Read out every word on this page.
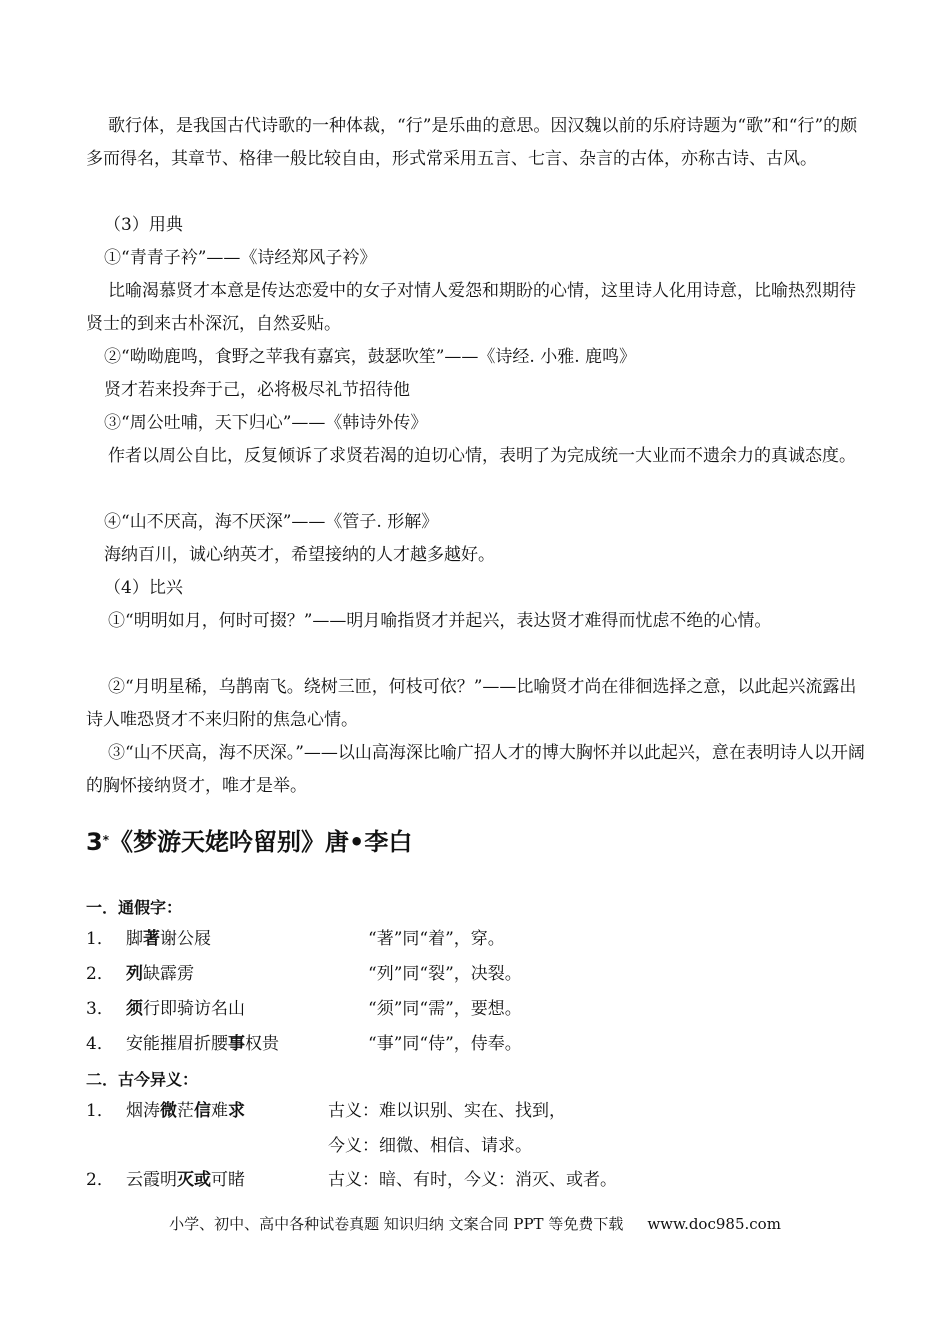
歌行体，是我国古代诗歌的一种体裁，“行”是乐曲的意思。因汉魏以前的乐府诗题为“歌”和“行”的颇多而得名，其章节、格律一般比较自由，形式常采用五言、七言、杂言的古体，亦称古诗、古风。

（3）用典

①“青青子衿”——《诗经郑风子衿》

比喻渴慕贤才本意是传达恋爱中的女子对情人爱怨和期盼的心情，这里诗人化用诗意，比喻热烈期待贤士的到来古朴深沉，自然妥贴。

②“呦呦鹿鸣，食野之苹我有嘉宾，鼓瑟吹笙”——《诗经. 小雅. 鹿鸣》

贤才若来投奔于己，必将极尽礼节招待他

③“周公吐哺，天下归心”——《韩诗外传》

作者以周公自比，反复倾诉了求贤若渴的迫切心情，表明了为完成统一大业而不遗余力的真诚态度。

④“山不厌高，海不厌深”——《管子. 形解》

海纳百川，诚心纳英才，希望接纳的人才越多越好。

（4）比兴

①“明明如月，何时可掇？”——明月喻指贤才并起兴，表达贤才难得而忧虑不绝的心情。

②“月明星稀，乌鹊南飞。绕树三匝，何枝可依？”——比喻贤才尚在徘徊选择之意，以此起兴流露出诗人唯恐贤才不来归附的焦急心情。

③“山不厌高，海不厌深。”——以山高海深比喻广招人才的博大胸怀并以此起兴，意在表明诗人以开阔的胸怀接纳贤才，唯才是举。

3*《梦游天姥吟留别》唐•李白
一．通假字：
1． 脚著谢公屐	“著”同“着”，穿。
2． 列缺霹雳	“列”同“裂”，决裂。
3． 须行即骑访名山	“须”同“需”，要想。
4． 安能摧眉折腰事权贵	“事”同“侍”，侍奉。
二．古今异义：
1． 烟涛微茫信难求	古义：难以识别、实在、找到，
今义：细微、相信、请求。
2． 云霞明灭或可睹	古义：暗、有时，今义：消灭、或者。
小学、初中、高中各种试卷真题 知识归纳 文案合同 PPT 等免费下载 www.doc985.com
